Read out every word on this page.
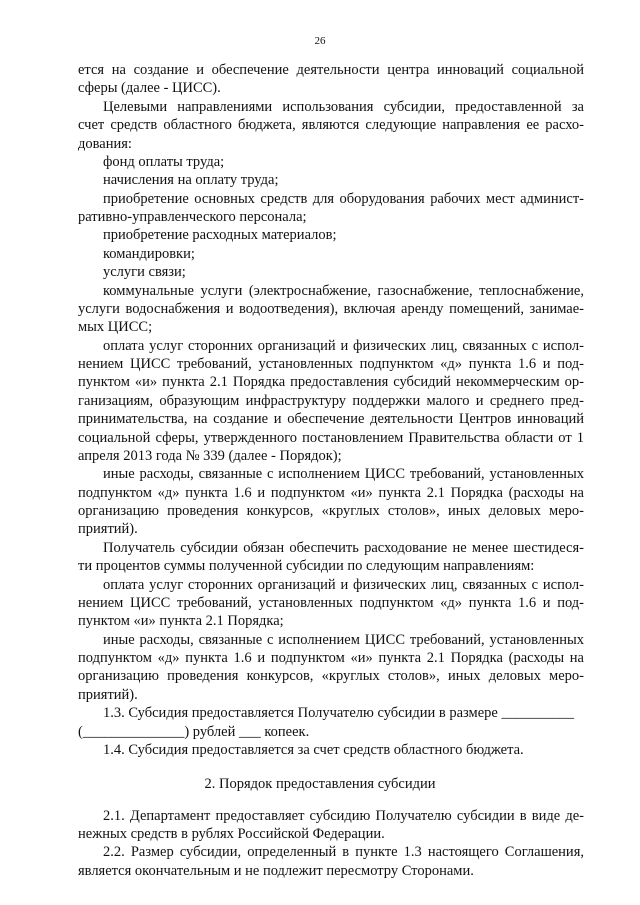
26
ется на создание и обеспечение деятельности центра инноваций социальной
сферы (далее - ЦИСС).
Целевыми направлениями использования субсидии, предоставленной за
счет средств областного бюджета, являются следующие направления ее расхо-
дования:
фонд оплаты труда;
начисления на оплату труда;
приобретение основных средств для оборудования рабочих мест админист-
ративно-управленческого персонала;
приобретение расходных материалов;
командировки;
услуги связи;
коммунальные услуги (электроснабжение, газоснабжение, теплоснабжение,
услуги водоснабжения и водоотведения), включая аренду помещений, занимае-
мых ЦИСС;
оплата услуг сторонних организаций и физических лиц, связанных с испол-
нением ЦИСС требований, установленных подпунктом «д» пункта 1.6 и под-
пунктом «и» пункта 2.1 Порядка предоставления субсидий некоммерческим ор-
ганизациям, образующим инфраструктуру поддержки малого и среднего пред-
принимательства, на создание и обеспечение деятельности Центров инноваций
социальной сферы, утвержденного постановлением Правительства области от 1
апреля 2013 года № 339 (далее - Порядок);
иные расходы, связанные с исполнением ЦИСС требований, установленных
подпунктом «д» пункта 1.6 и подпунктом «и» пункта 2.1 Порядка (расходы на
организацию проведения конкурсов, «круглых столов», иных деловых меро-
приятий).
Получатель субсидии обязан обеспечить расходование не менее шестидеся-
ти процентов суммы полученной субсидии по следующим направлениям:
оплата услуг сторонних организаций и физических лиц, связанных с испол-
нением ЦИСС требований, установленных подпунктом «д» пункта 1.6 и под-
пунктом «и» пункта 2.1 Порядка;
иные расходы, связанные с исполнением ЦИСС требований, установленных
подпунктом «д» пункта 1.6 и подпунктом «и» пункта 2.1 Порядка (расходы на
организацию проведения конкурсов, «круглых столов», иных деловых меро-
приятий).
1.3. Субсидия предоставляется Получателю субсидии в размере __________
(______________) рублей ___ копеек.
1.4. Субсидия предоставляется за счет средств областного бюджета.
2. Порядок предоставления субсидии
2.1. Департамент предоставляет субсидию Получателю субсидии в виде де-
нежных средств в рублях Российской Федерации.
2.2. Размер субсидии, определенный в пункте 1.3 настоящего Соглашения,
является окончательным и не подлежит пересмотру Сторонами.
